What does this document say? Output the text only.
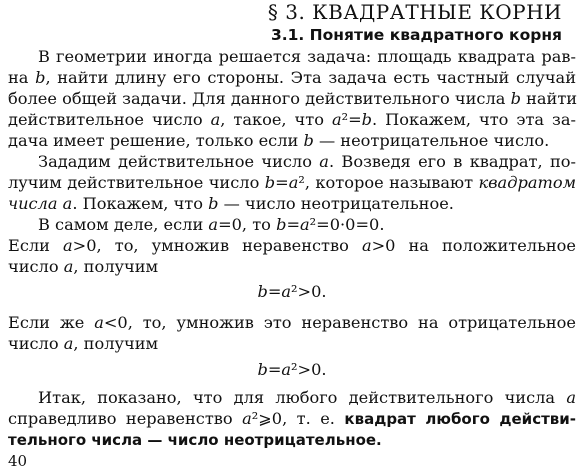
§ 3. КВАДРАТНЫЕ КОРНИ
3.1. Понятие квадратного корня
В геометрии иногда решается задача: площадь квадрата рав-
на b, найти длину его стороны. Эта задача есть частный случай
более общей задачи. Для данного действительного числа b найти
действительное число a, такое, что a²=b. Покажем, что эта за-
дача имеет решение, только если b — неотрицательное число.
Зададим действительное число a. Возведя его в квадрат, по-
лучим действительное число b=a², которое называют квадратом
числа a. Покажем, что b — число неотрицательное.
В самом деле, если a=0, то b=a²=0·0=0.
Если a>0, то, умножив неравенство a>0 на положительное
число a, получим
b=a²>0.
Если же a<0, то, умножив это неравенство на отрицательное
число a, получим
b=a²>0.
Итак, показано, что для любого действительного числа a
справедливо неравенство a²⩾0, т. е. квадрат любого действи-
тельного числа — число неотрицательное.
40
